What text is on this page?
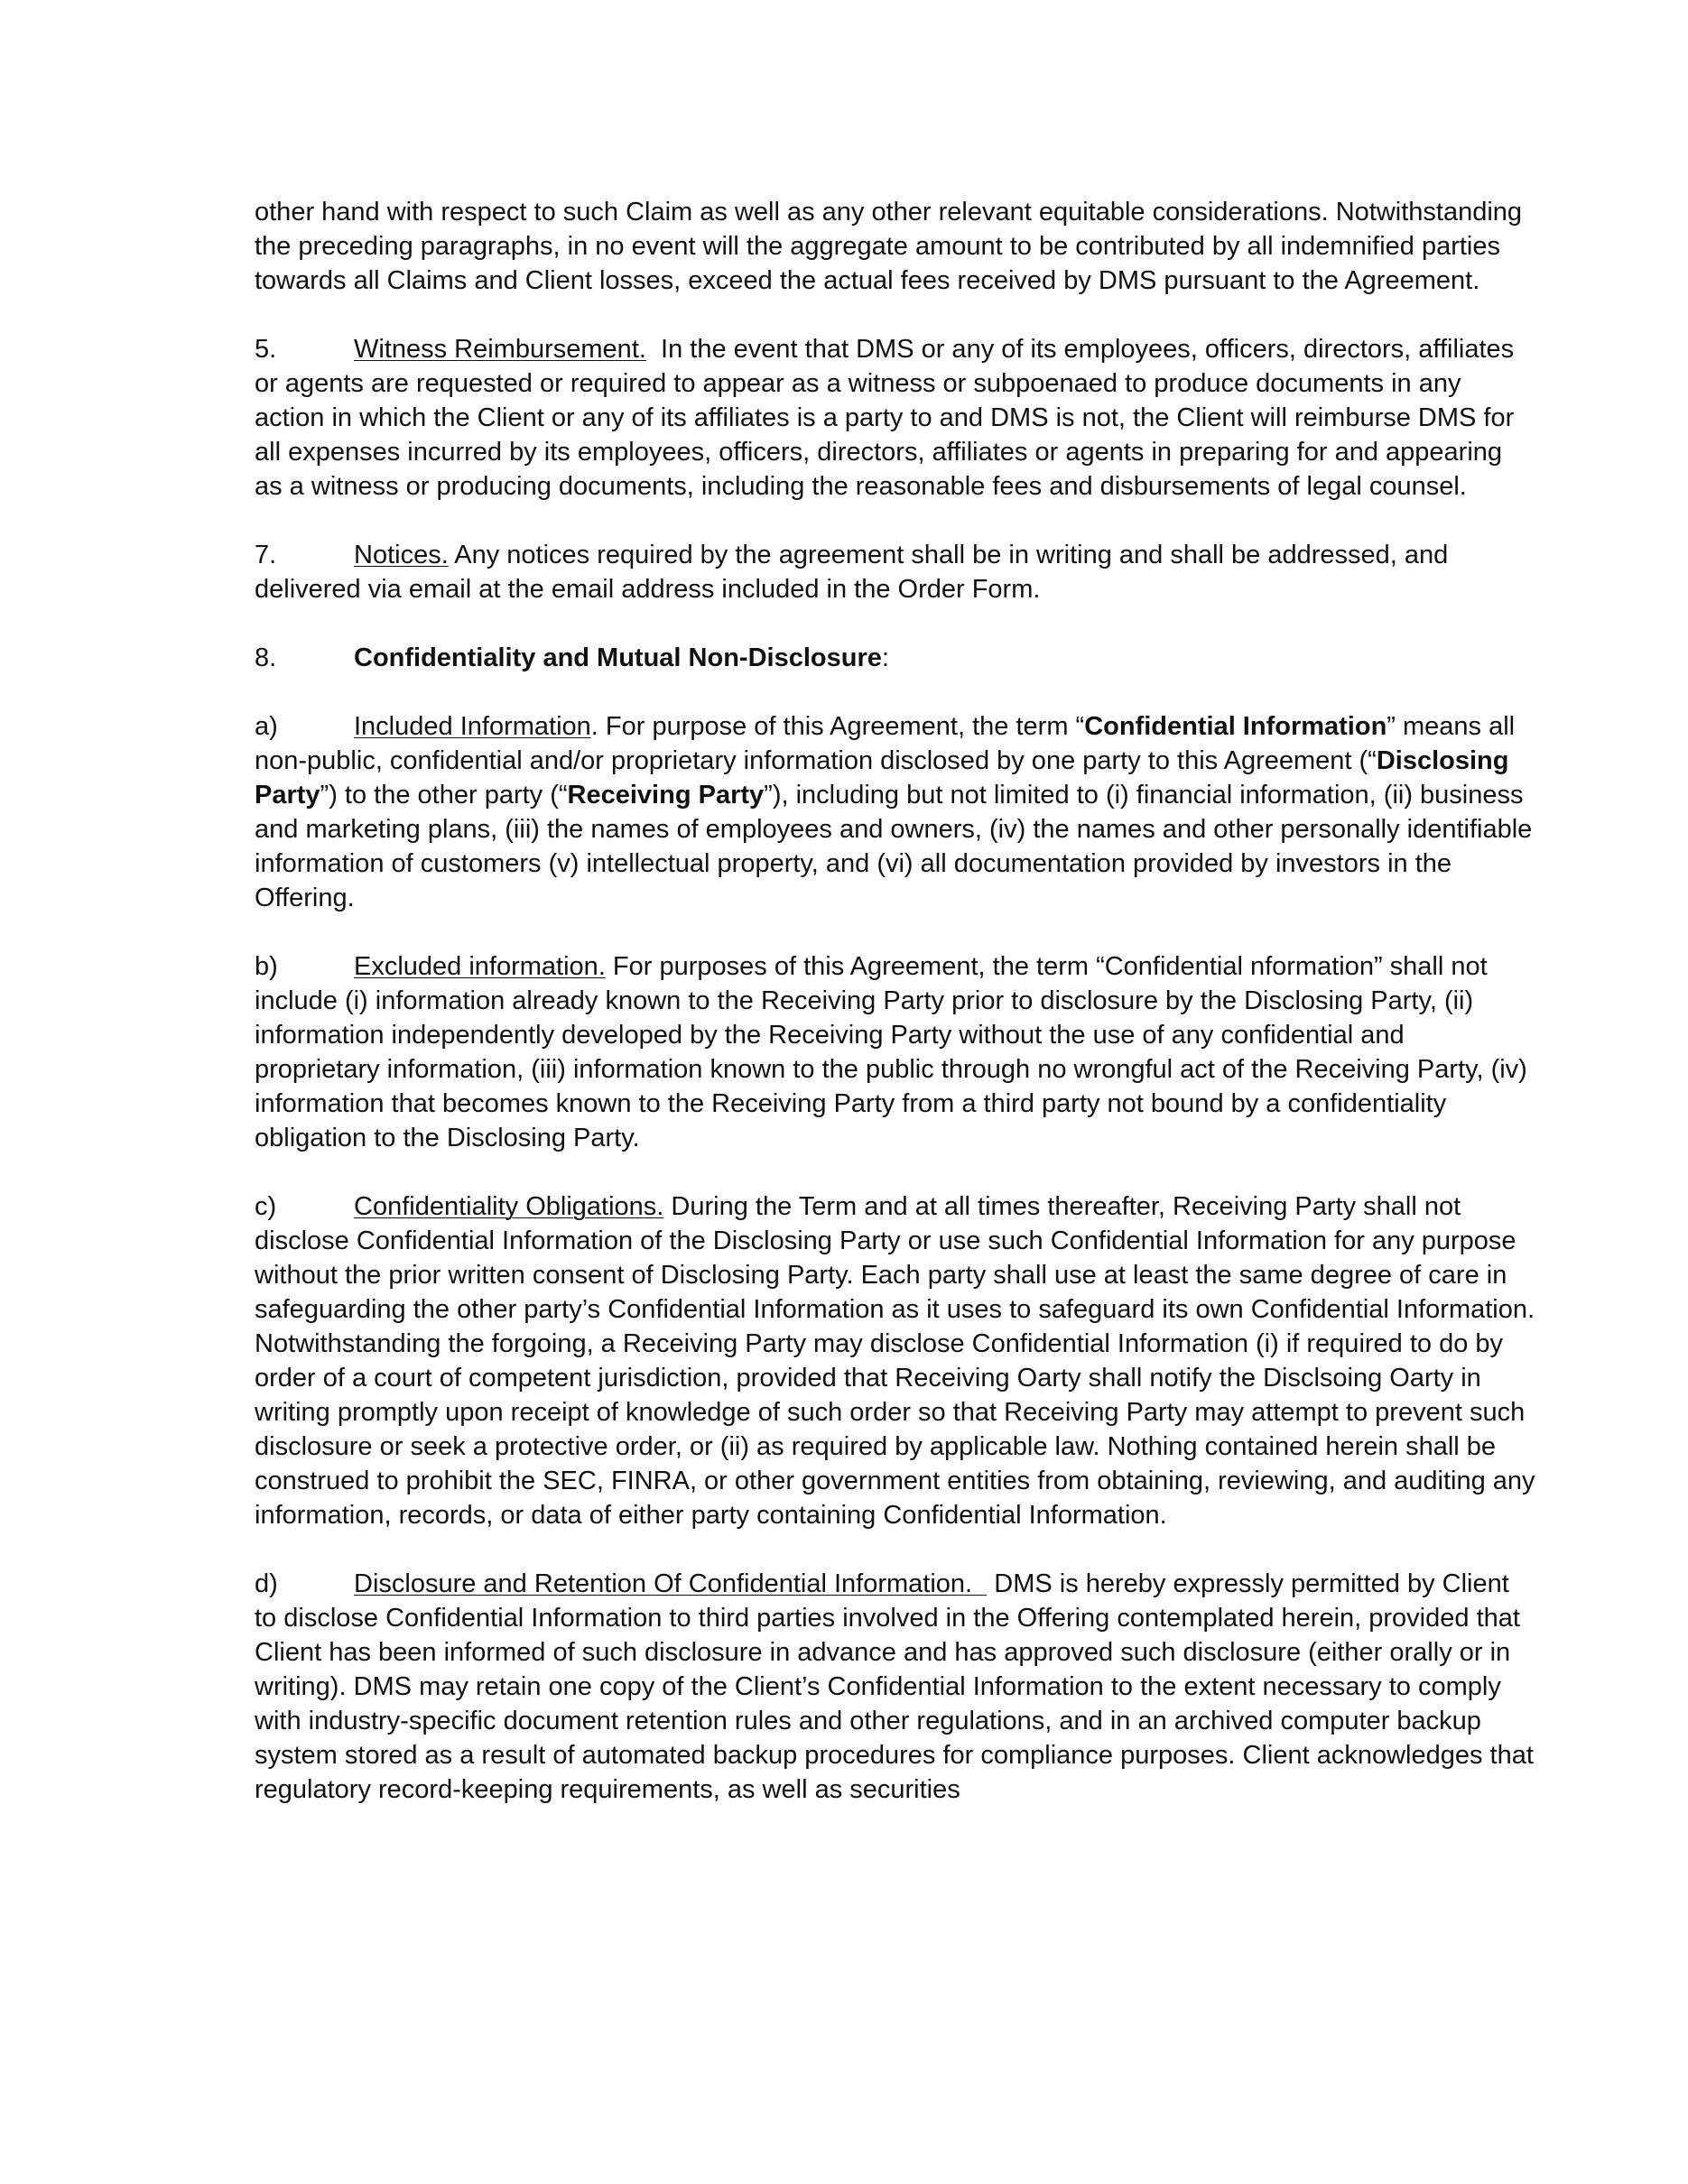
other hand with respect to such Claim as well as any other relevant equitable considerations. Notwithstanding the preceding paragraphs, in no event will the aggregate amount to be contributed by all indemnified parties towards all Claims and Client losses, exceed the actual fees received by DMS pursuant to the Agreement.

5.	Witness Reimbursement.  In the event that DMS or any of its employees, officers, directors, affiliates or agents are requested or required to appear as a witness or subpoenaed to produce documents in any action in which the Client or any of its affiliates is a party to and DMS is not, the Client will reimburse DMS for all expenses incurred by its employees, officers, directors, affiliates or agents in preparing for and appearing as a witness or producing documents, including the reasonable fees and disbursements of legal counsel.

7.	Notices. Any notices required by the agreement shall be in writing and shall be addressed, and delivered via email at the email address included in the Order Form.

8.	Confidentiality and Mutual Non-Disclosure:

a)	Included Information. For purpose of this Agreement, the term “Confidential Information” means all non-public, confidential and/or proprietary information disclosed by one party to this Agreement (“Disclosing Party”) to the other party (“Receiving Party”), including but not limited to (i) financial information, (ii) business and marketing plans, (iii) the names of employees and owners, (iv) the names and other personally identifiable information of customers (v) intellectual property, and (vi) all documentation provided by investors in the Offering.

b)	Excluded information. For purposes of this Agreement, the term “Confidential nformation” shall not include (i) information already known to the Receiving Party prior to disclosure by the Disclosing Party, (ii) information independently developed by the Receiving Party without the use of any confidential and proprietary information, (iii) information known to the public through no wrongful act of the Receiving Party, (iv) information that becomes known to the Receiving Party from a third party not bound by a confidentiality obligation to the Disclosing Party.

c)	Confidentiality Obligations. During the Term and at all times thereafter, Receiving Party shall not disclose Confidential Information of the Disclosing Party or use such Confidential Information for any purpose without the prior written consent of Disclosing Party. Each party shall use at least the same degree of care in safeguarding the other party’s Confidential Information as it uses to safeguard its own Confidential Information. Notwithstanding the forgoing, a Receiving Party may disclose Confidential Information (i) if required to do by order of a court of competent jurisdiction, provided that Receiving Oarty shall notify the Disclsoing Oarty in writing promptly upon receipt of knowledge of such order so that Receiving Party may attempt to prevent such disclosure or seek a protective order, or (ii) as required by applicable law. Nothing contained herein shall be construed to prohibit the SEC, FINRA, or other government entities from obtaining, reviewing, and auditing any information, records, or data of either party containing Confidential Information.

d)	Disclosure and Retention Of Confidential Information.   DMS is hereby expressly permitted by Client to disclose Confidential Information to third parties involved in the Offering contemplated herein, provided that Client has been informed of such disclosure in advance and has approved such disclosure (either orally or in writing). DMS may retain one copy of the Client’s Confidential Information to the extent necessary to comply with industry-specific document retention rules and other regulations, and in an archived computer backup system stored as a result of automated backup procedures for compliance purposes. Client acknowledges that regulatory record-keeping requirements, as well as securities
